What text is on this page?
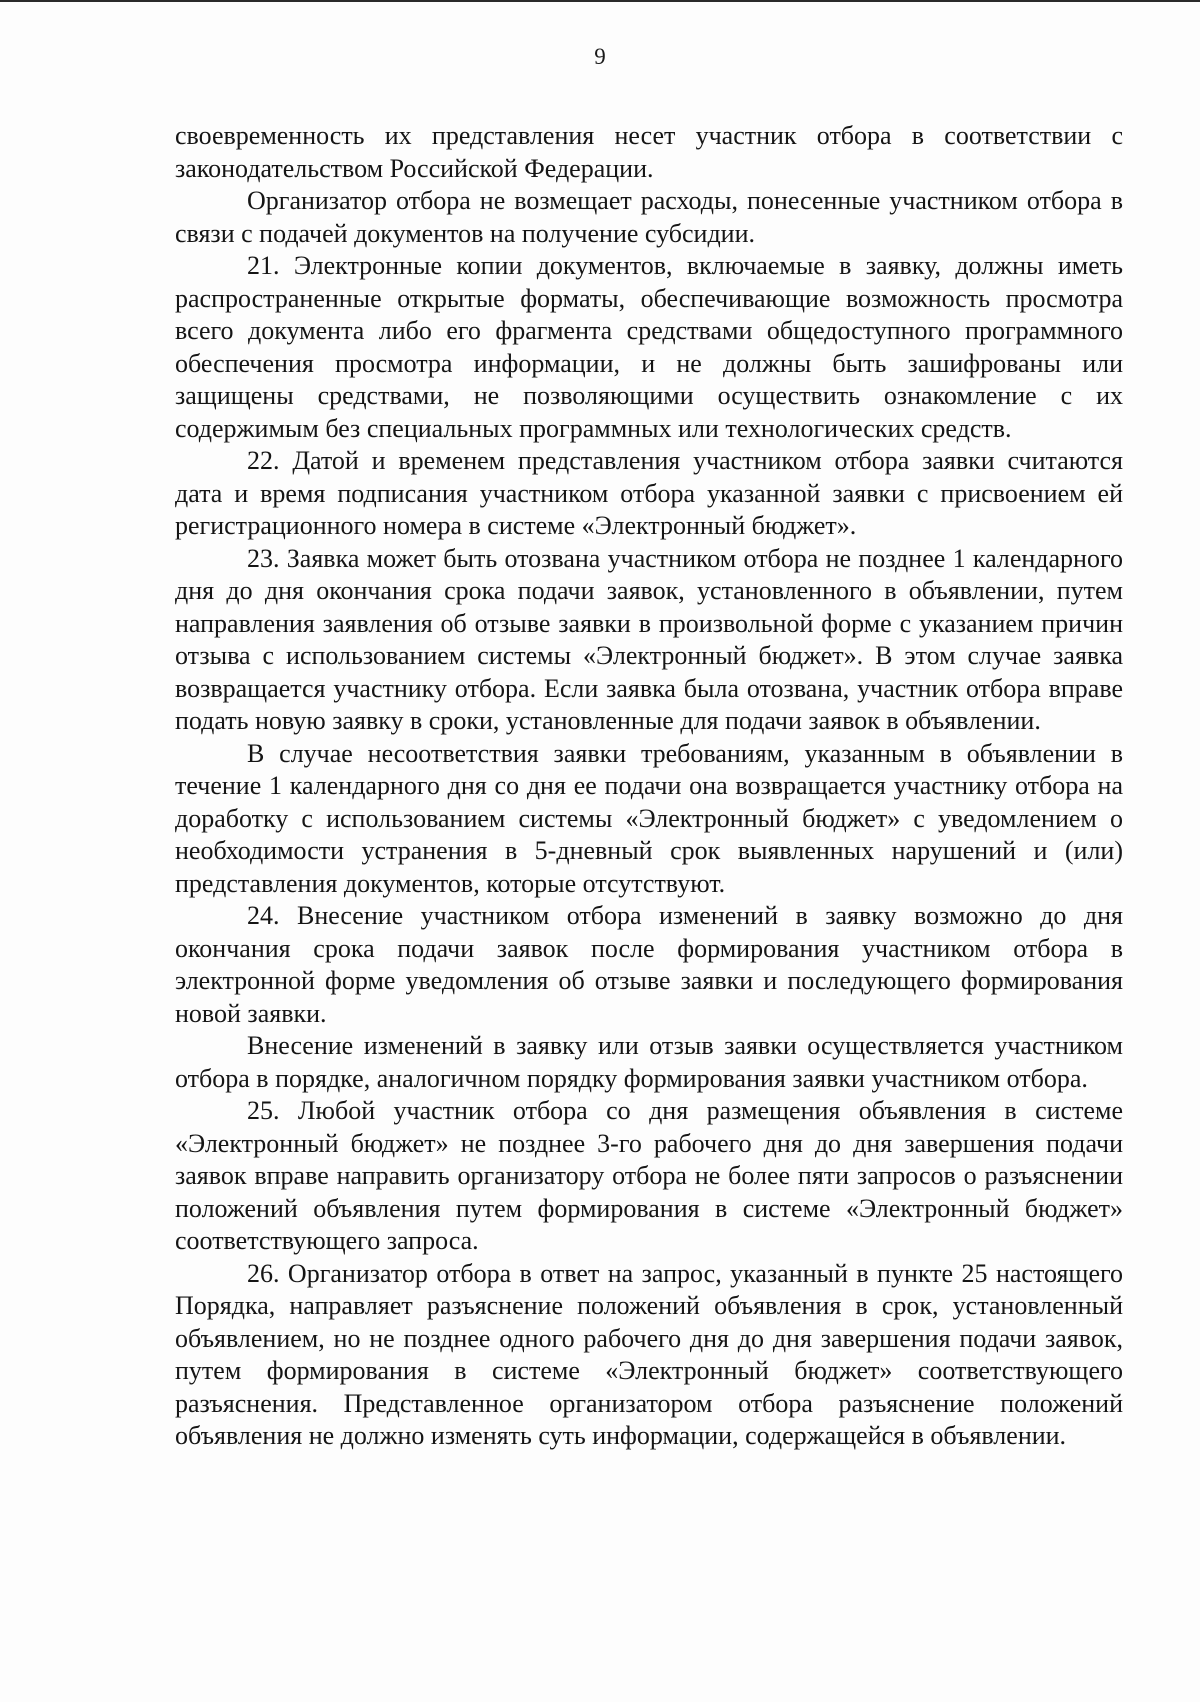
9

своевременность их представления несет участник отбора в соответствии с законодательством Российской Федерации.

Организатор отбора не возмещает расходы, понесенные участником отбора в связи с подачей документов на получение субсидии.

21. Электронные копии документов, включаемые в заявку, должны иметь распространенные открытые форматы, обеспечивающие возможность просмотра всего документа либо его фрагмента средствами общедоступного программного обеспечения просмотра информации, и не должны быть зашифрованы или защищены средствами, не позволяющими осуществить ознакомление с их содержимым без специальных программных или технологических средств.

22. Датой и временем представления участником отбора заявки считаются дата и время подписания участником отбора указанной заявки с присвоением ей регистрационного номера в системе «Электронный бюджет».

23. Заявка может быть отозвана участником отбора не позднее 1 календарного дня до дня окончания срока подачи заявок, установленного в объявлении, путем направления заявления об отзыве заявки в произвольной форме с указанием причин отзыва с использованием системы «Электронный бюджет». В этом случае заявка возвращается участнику отбора. Если заявка была отозвана, участник отбора вправе подать новую заявку в сроки, установленные для подачи заявок в объявлении.

В случае несоответствия заявки требованиям, указанным в объявлении в течение 1 календарного дня со дня ее подачи она возвращается участнику отбора на доработку с использованием системы «Электронный бюджет» с уведомлением о необходимости устранения в 5-дневный срок выявленных нарушений и (или) представления документов, которые отсутствуют.

24. Внесение участником отбора изменений в заявку возможно до дня окончания срока подачи заявок после формирования участником отбора в электронной форме уведомления об отзыве заявки и последующего формирования новой заявки.

Внесение изменений в заявку или отзыв заявки осуществляется участником отбора в порядке, аналогичном порядку формирования заявки участником отбора.

25. Любой участник отбора со дня размещения объявления в системе «Электронный бюджет» не позднее 3-го рабочего дня до дня завершения подачи заявок вправе направить организатору отбора не более пяти запросов о разъяснении положений объявления путем формирования в системе «Электронный бюджет» соответствующего запроса.

26. Организатор отбора в ответ на запрос, указанный в пункте 25 настоящего Порядка, направляет разъяснение положений объявления в срок, установленный объявлением, но не позднее одного рабочего дня до дня завершения подачи заявок, путем формирования в системе «Электронный бюджет» соответствующего разъяснения. Представленное организатором отбора разъяснение положений объявления не должно изменять суть информации, содержащейся в объявлении.
